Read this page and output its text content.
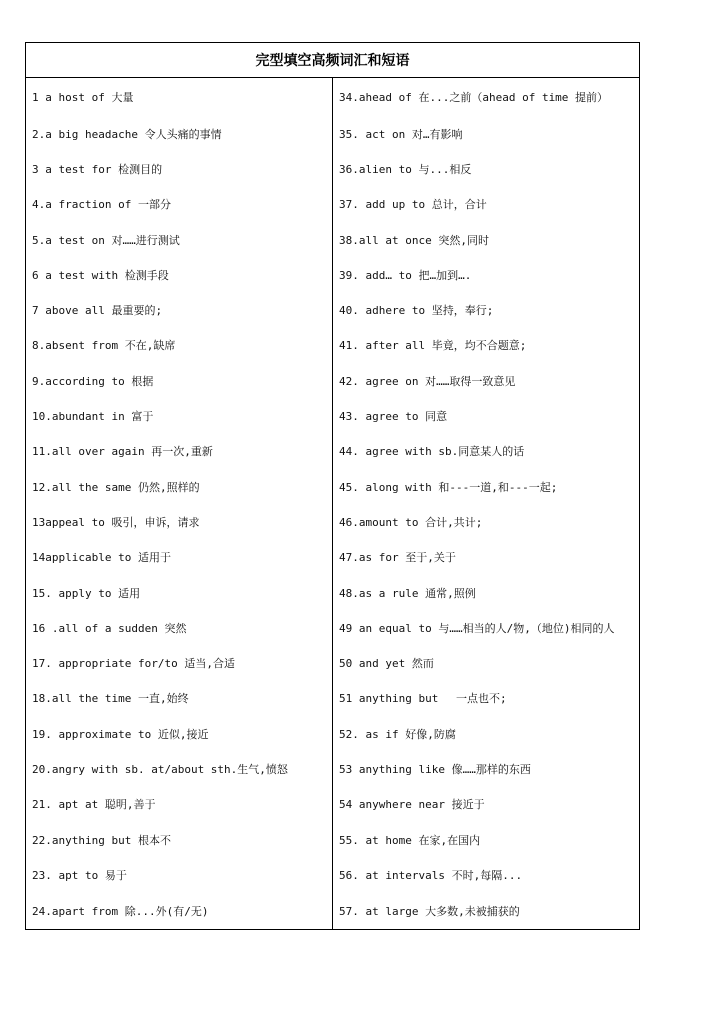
完型填空高频词汇和短语	
1 a host of 大量	34.ahead of 在...之前（ahead of time 提前）
2.a big headache 令人头痛的事情	35. act on 对…有影响
3 a test for 检测目的	36.alien to 与...相反
4.a fraction of 一部分	37. add up to 总计，合计
5.a test on 对……进行测试	38.all at once 突然,同时
6 a test with 检测手段	39. add… to 把…加到….
7 above all 最重要的;	40. adhere to 坚持，奉行;
8.absent from 不在,缺席	41. after all 毕竟，均不合题意;
9.according to 根据	42. agree on 对……取得一致意见
10.abundant in 富于	43. agree to 同意
11.all over again 再一次,重新	44. agree with sb.同意某人的话
12.all the same 仍然,照样的	45. along with 和---一道,和---一起;
13appeal to 吸引，申诉，请求	46.amount to 合计,共计;
14applicable to 适用于	47.as for 至于,关于
15. apply to 适用	48.as a rule 通常,照例
16 .all of a sudden 突然	49 an equal to 与……相当的人/物,（地位)相同的人
17. appropriate for/to 适当,合适	50 and yet 然而
18.all the time 一直,始终	51 anything but 　一点也不;
19. approximate to 近似,接近	52. as if 好像,防腐
20.angry with sb. at/about sth.生气,愤怒	53 anything like 像……那样的东西
21. apt at 聪明,善于	54 anywhere near 接近于
22.anything but 根本不	55. at home 在家,在国内
23. apt to 易于	56. at intervals 不时,每隔...
24.apart from 除...外(有/无)	57. at large 大多数,未被捕获的
